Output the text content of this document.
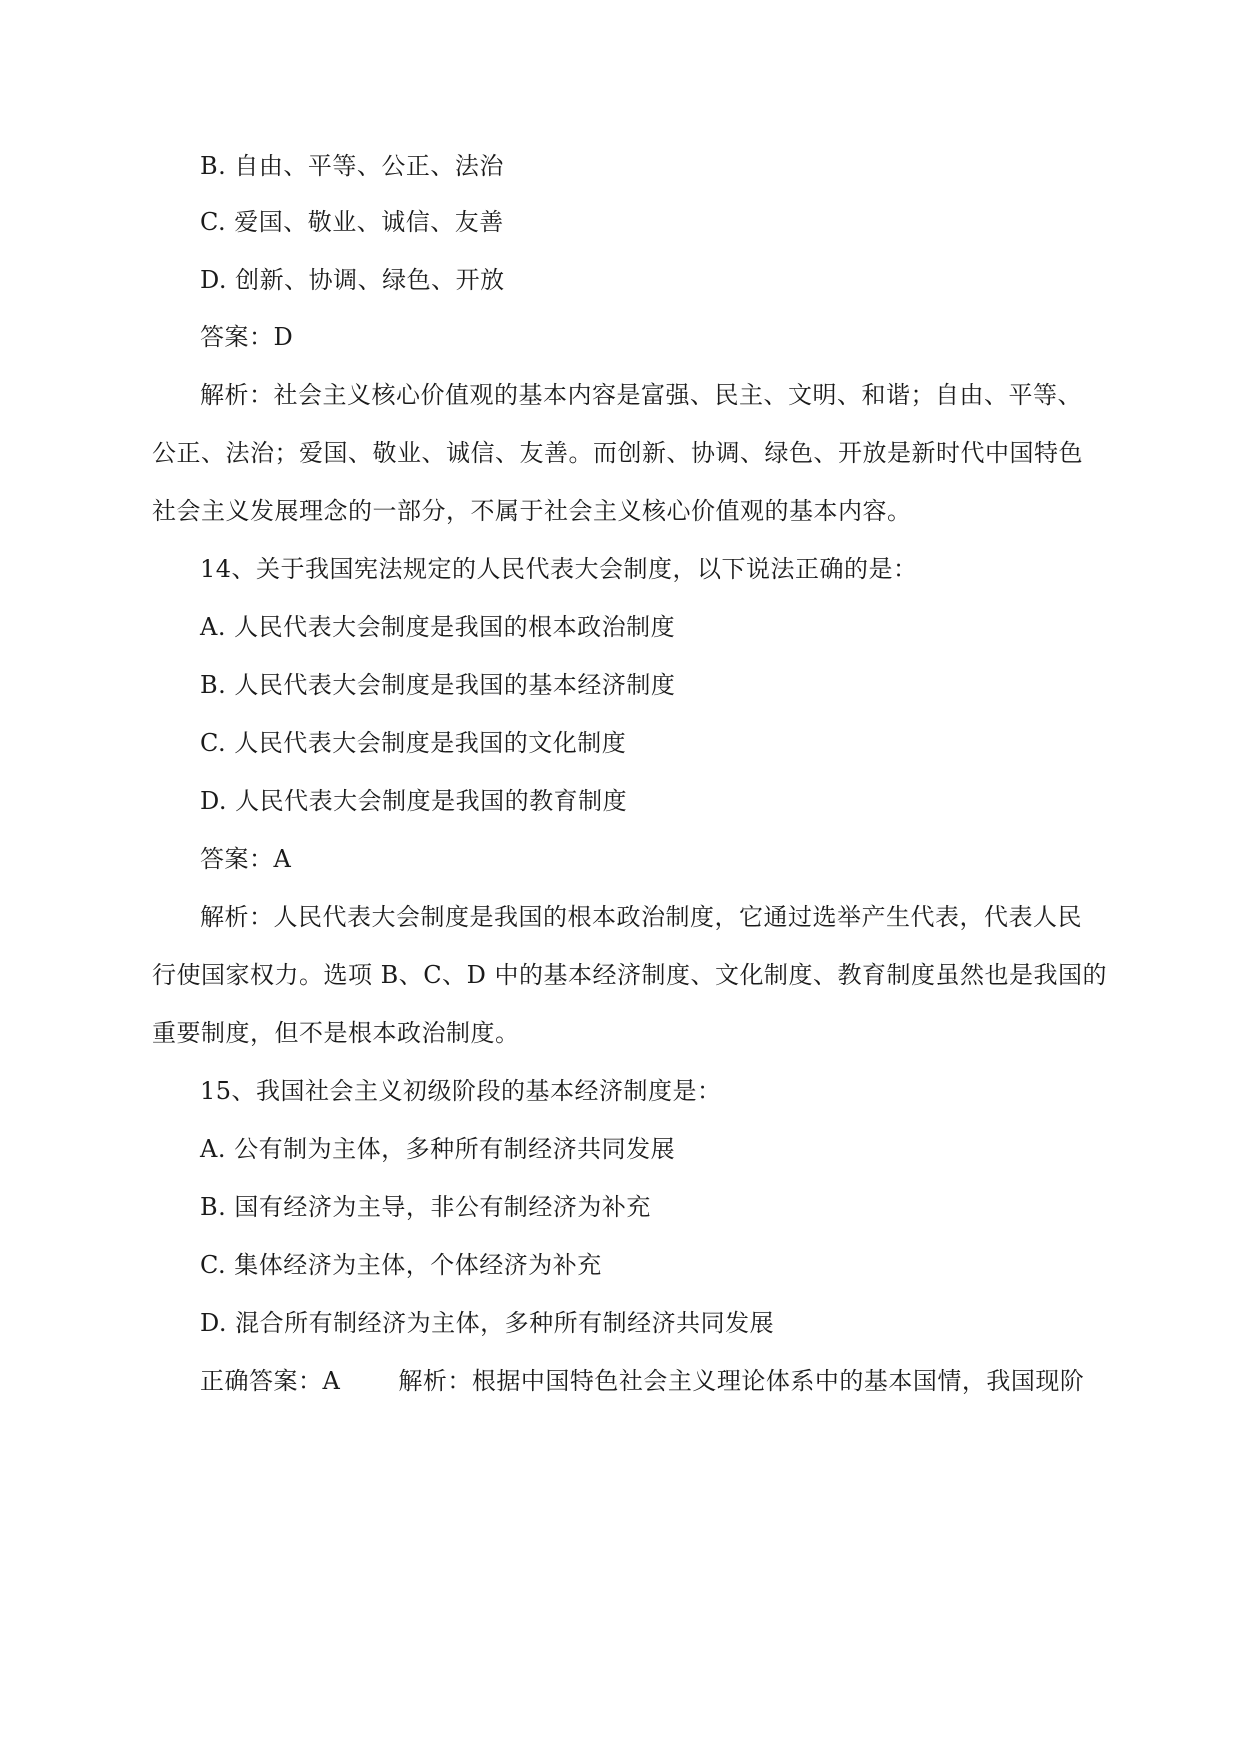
B. 自由、平等、公正、法治
C. 爱国、敬业、诚信、友善
D. 创新、协调、绿色、开放
答案：D
解析：社会主义核心价值观的基本内容是富强、民主、文明、和谐；自由、平等、
公正、法治；爱国、敬业、诚信、友善。而创新、协调、绿色、开放是新时代中国特色
社会主义发展理念的一部分，不属于社会主义核心价值观的基本内容。
14、关于我国宪法规定的人民代表大会制度，以下说法正确的是：
A. 人民代表大会制度是我国的根本政治制度
B. 人民代表大会制度是我国的基本经济制度
C. 人民代表大会制度是我国的文化制度
D. 人民代表大会制度是我国的教育制度
答案：A
解析：人民代表大会制度是我国的根本政治制度，它通过选举产生代表，代表人民
行使国家权力。选项 B、C、D 中的基本经济制度、文化制度、教育制度虽然也是我国的
重要制度，但不是根本政治制度。
15、我国社会主义初级阶段的基本经济制度是：
A. 公有制为主体，多种所有制经济共同发展
B. 国有经济为主导，非公有制经济为补充
C. 集体经济为主体，个体经济为补充
D. 混合所有制经济为主体，多种所有制经济共同发展
正确答案：A 解析：根据中国特色社会主义理论体系中的基本国情，我国现阶
